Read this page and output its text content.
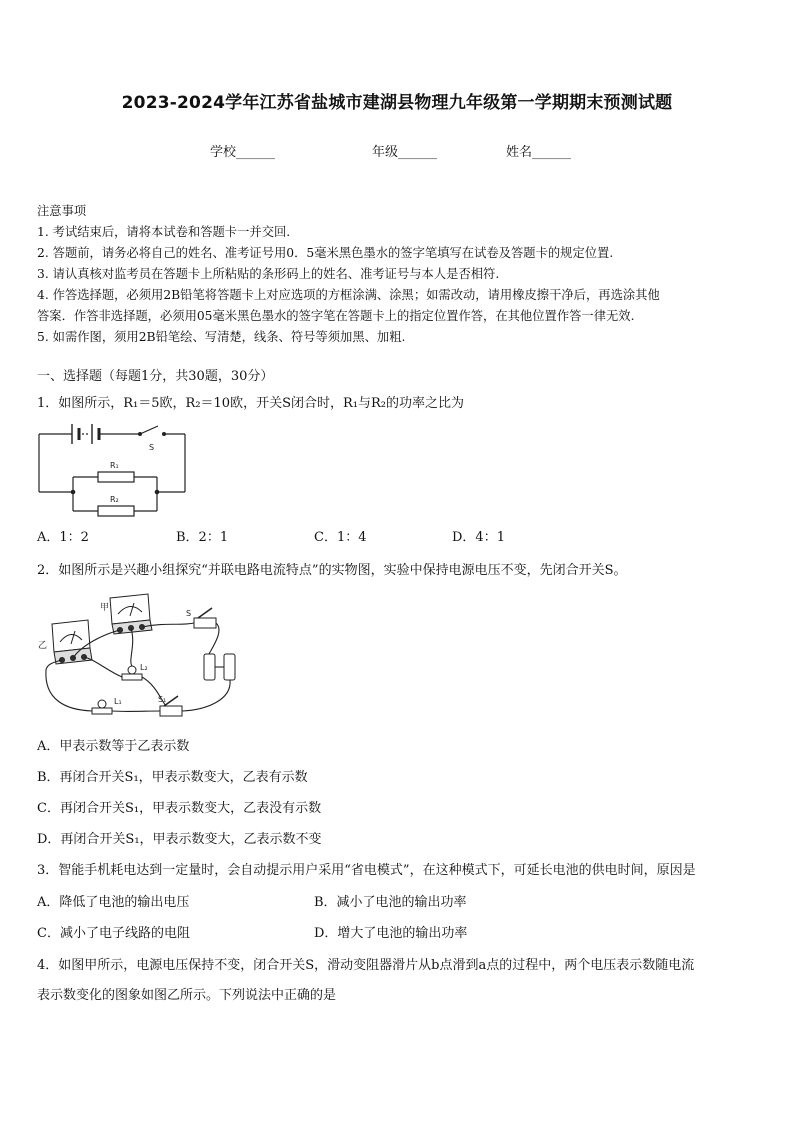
2023-2024学年江苏省盐城市建湖县物理九年级第一学期期末预测试题
学校______	年级______	姓名______
注意事项
1. 考试结束后，请将本试卷和答题卡一并交回.
2. 答题前，请务必将自己的姓名、准考证号用0．5毫米黑色墨水的签字笔填写在试卷及答题卡的规定位置.
3. 请认真核对监考员在答题卡上所粘贴的条形码上的姓名、准考证号与本人是否相符.
4. 作答选择题，必须用2B铅笔将答题卡上对应选项的方框涂满、涂黑；如需改动，请用橡皮擦干净后，再选涂其他
答案．作答非选择题，必须用05毫米黑色墨水的签字笔在答题卡上的指定位置作答，在其他位置作答一律无效.
5. 如需作图，须用2B铅笔绘、写清楚，线条、符号等须加黑、加粗.
一、选择题（每题1分，共30题，30分）
1．如图所示，R₁＝5欧，R₂＝10欧，开关S闭合时，R₁与R₂的功率之比为
S
R₁
R₂
A．1：2	B．2：1	C．1：4	D．4：1
2．如图所示是兴趣小组探究“并联电路电流特点”的实物图，实验中保持电源电压不变，先闭合开关S。
甲
乙
S
L₂
L₁	S₁
A．甲表示数等于乙表示数
B．再闭合开关S₁，甲表示数变大，乙表有示数
C．再闭合开关S₁，甲表示数变大，乙表没有示数
D．再闭合开关S₁，甲表示数变大，乙表示数不变
3．智能手机耗电达到一定量时，会自动提示用户采用“省电模式”，在这种模式下，可延长电池的供电时间，原因是
A．降低了电池的输出电压	B．减小了电池的输出功率
C．减小了电子线路的电阻	D．增大了电池的输出功率
4．如图甲所示，电源电压保持不变，闭合开关S，滑动变阻器滑片从b点滑到a点的过程中，两个电压表示数随电流
表示数变化的图象如图乙所示。下列说法中正确的是
